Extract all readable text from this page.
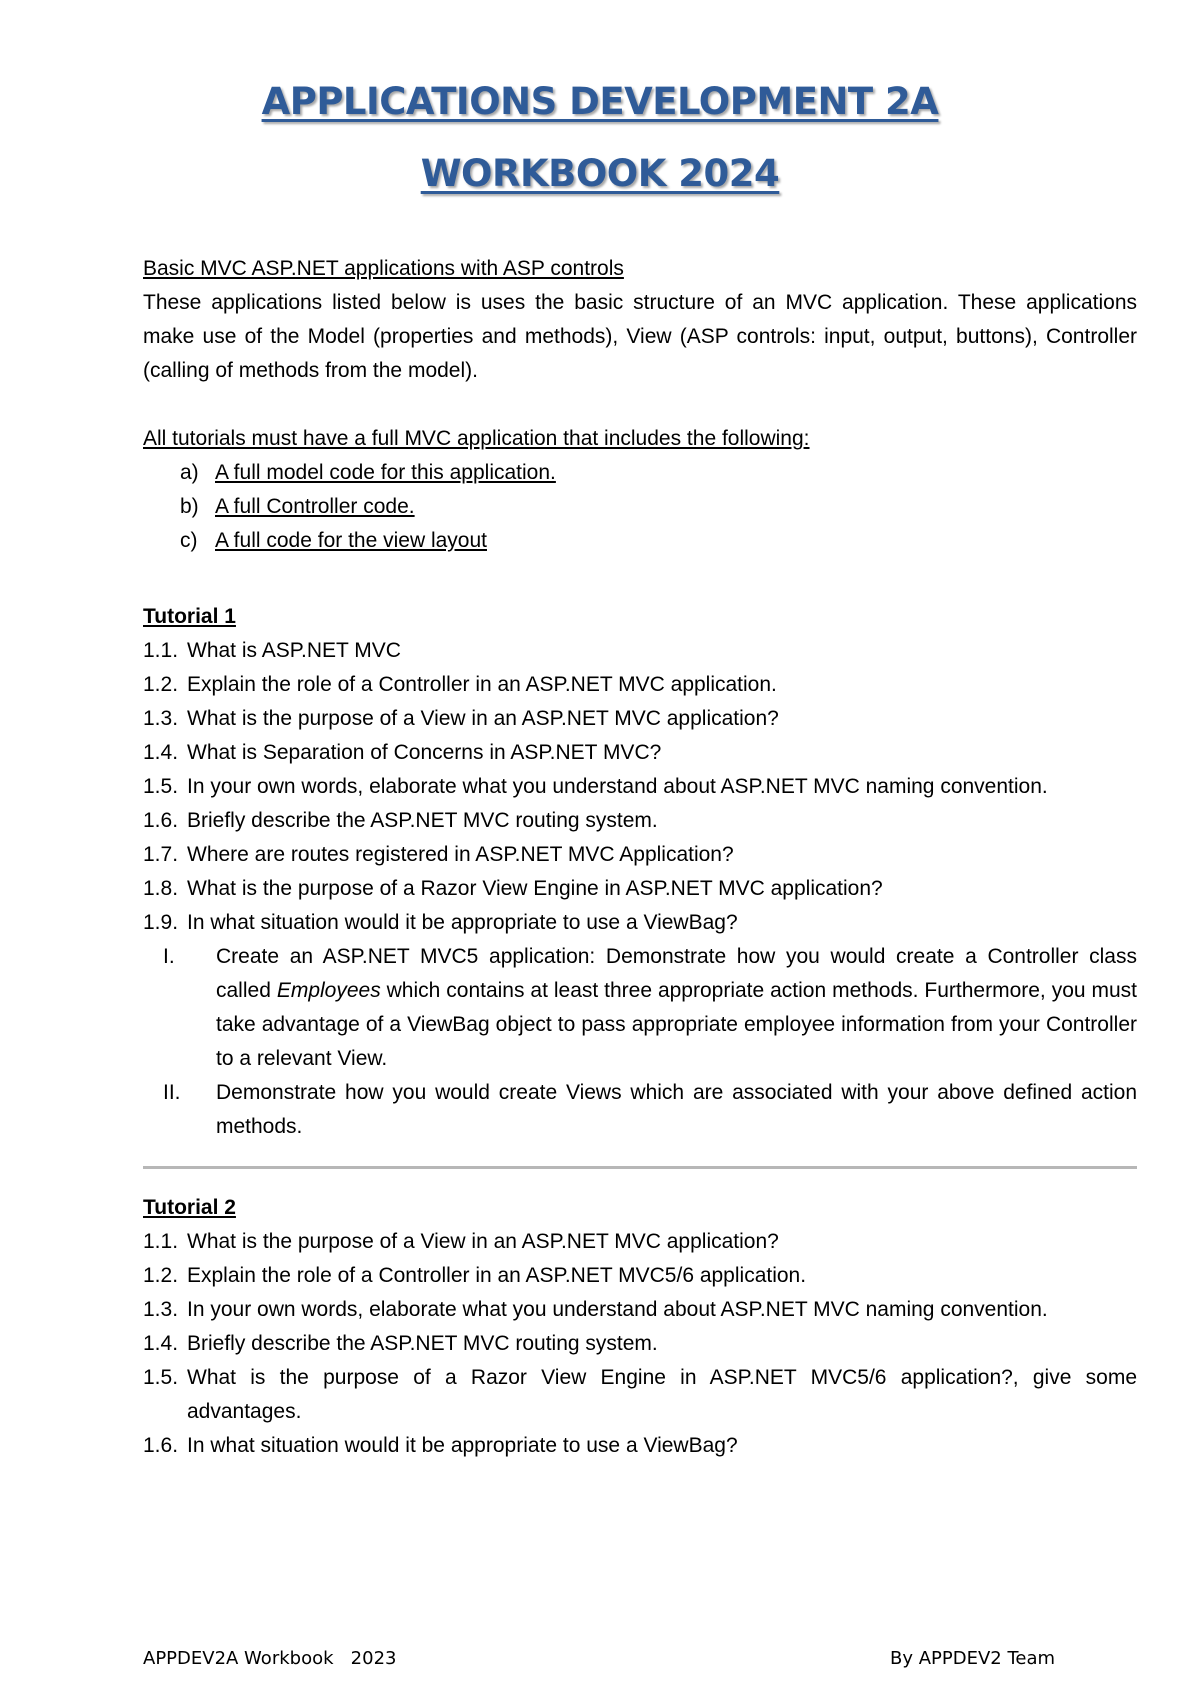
APPLICATIONS DEVELOPMENT 2A
WORKBOOK 2024
Basic MVC ASP.NET applications with ASP controls
These applications listed below is uses the basic structure of an MVC application. These applications make use of the Model (properties and methods), View (ASP controls: input, output, buttons), Controller (calling of methods from the model).
All tutorials must have a full MVC application that includes the following:
a) A full model code for this application.
b) A full Controller code.
c) A full code for the view layout
Tutorial 1
1.1. What is ASP.NET MVC
1.2. Explain the role of a Controller in an ASP.NET MVC application.
1.3. What is the purpose of a View in an ASP.NET MVC application?
1.4. What is Separation of Concerns in ASP.NET MVC?
1.5. In your own words, elaborate what you understand about ASP.NET MVC naming convention.
1.6. Briefly describe the ASP.NET MVC routing system.
1.7. Where are routes registered in ASP.NET MVC Application?
1.8. What is the purpose of a Razor View Engine in ASP.NET MVC application?
1.9. In what situation would it be appropriate to use a ViewBag?
I. Create an ASP.NET MVC5 application: Demonstrate how you would create a Controller class called Employees which contains at least three appropriate action methods. Furthermore, you must take advantage of a ViewBag object to pass appropriate employee information from your Controller to a relevant View.
II. Demonstrate how you would create Views which are associated with your above defined action methods.
Tutorial 2
1.1. What is the purpose of a View in an ASP.NET MVC application?
1.2. Explain the role of a Controller in an ASP.NET MVC5/6 application.
1.3. In your own words, elaborate what you understand about ASP.NET MVC naming convention.
1.4. Briefly describe the ASP.NET MVC routing system.
1.5. What is the purpose of a Razor View Engine in ASP.NET MVC5/6 application?, give some advantages.
1.6. In what situation would it be appropriate to use a ViewBag?
APPDEV2A Workbook   2023	By APPDEV2 Team
